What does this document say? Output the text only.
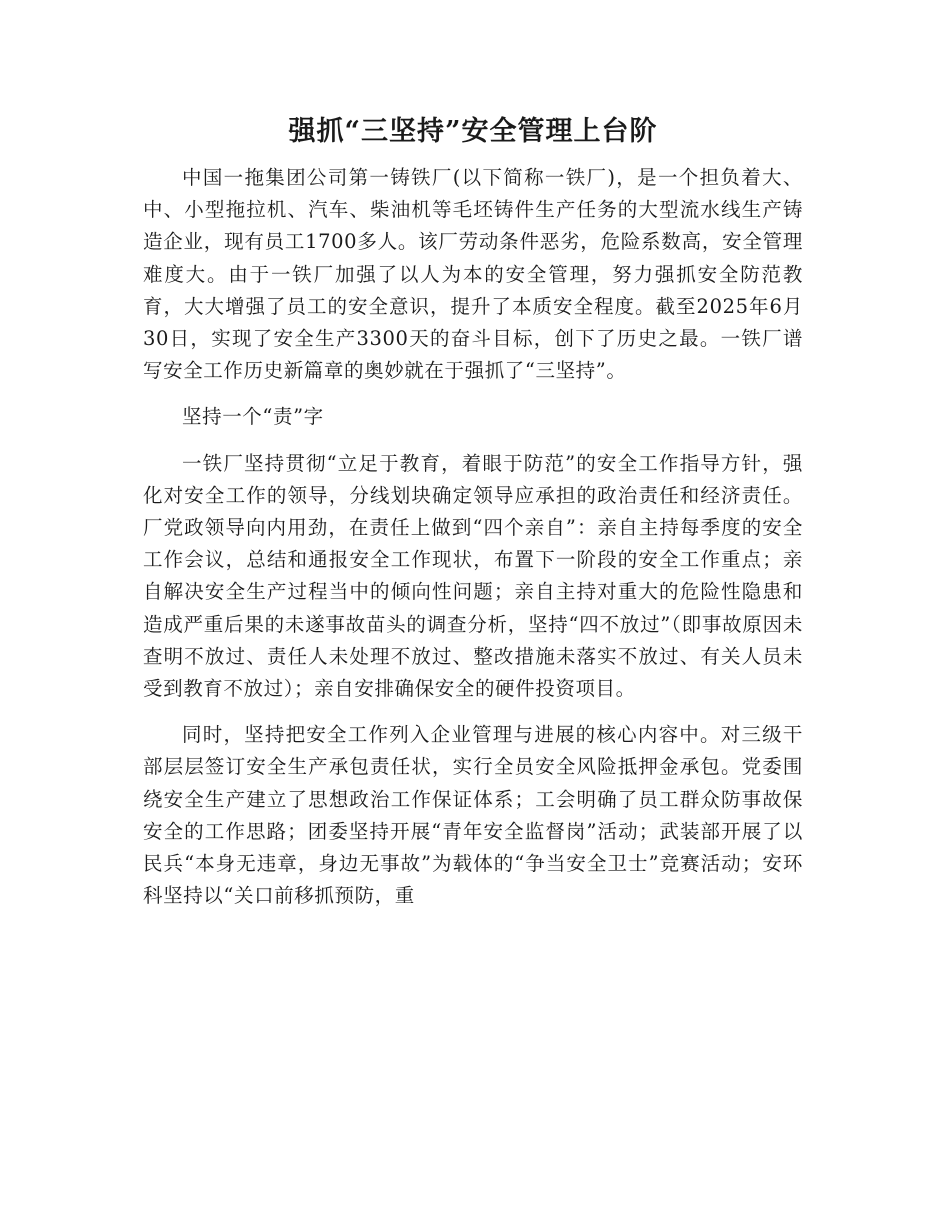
强抓“三坚持”安全管理上台阶

中国一拖集团公司第一铸铁厂(以下简称一铁厂)，是一个担负着大、中、小型拖拉机、汽车、柴油机等毛坯铸件生产任务的大型流水线生产铸造企业，现有员工1700多人。该厂劳动条件恶劣，危险系数高，安全管理难度大。由于一铁厂加强了以人为本的安全管理，努力强抓安全防范教育，大大增强了员工的安全意识，提升了本质安全程度。截至2025年6月30日，实现了安全生产3300天的奋斗目标，创下了历史之最。一铁厂谱写安全工作历史新篇章的奥妙就在于强抓了“三坚持”。

坚持一个“责”字

一铁厂坚持贯彻“立足于教育，着眼于防范”的安全工作指导方针，强化对安全工作的领导，分线划块确定领导应承担的政治责任和经济责任。厂党政领导向内用劲，在责任上做到“四个亲自”：亲自主持每季度的安全工作会议，总结和通报安全工作现状，布置下一阶段的安全工作重点；亲自解决安全生产过程当中的倾向性问题；亲自主持对重大的危险性隐患和造成严重后果的未遂事故苗头的调查分析，坚持“四不放过”（即事故原因未查明不放过、责任人未处理不放过、整改措施未落实不放过、有关人员未受到教育不放过）；亲自安排确保安全的硬件投资项目。

同时，坚持把安全工作列入企业管理与进展的核心内容中。对三级干部层层签订安全生产承包责任状，实行全员安全风险抵押金承包。党委围绕安全生产建立了思想政治工作保证体系；工会明确了员工群众防事故保安全的工作思路；团委坚持开展“青年安全监督岗”活动；武装部开展了以民兵“本身无违章，身边无事故”为载体的“争当安全卫士”竞赛活动；安环科坚持以“关口前移抓预防，重
